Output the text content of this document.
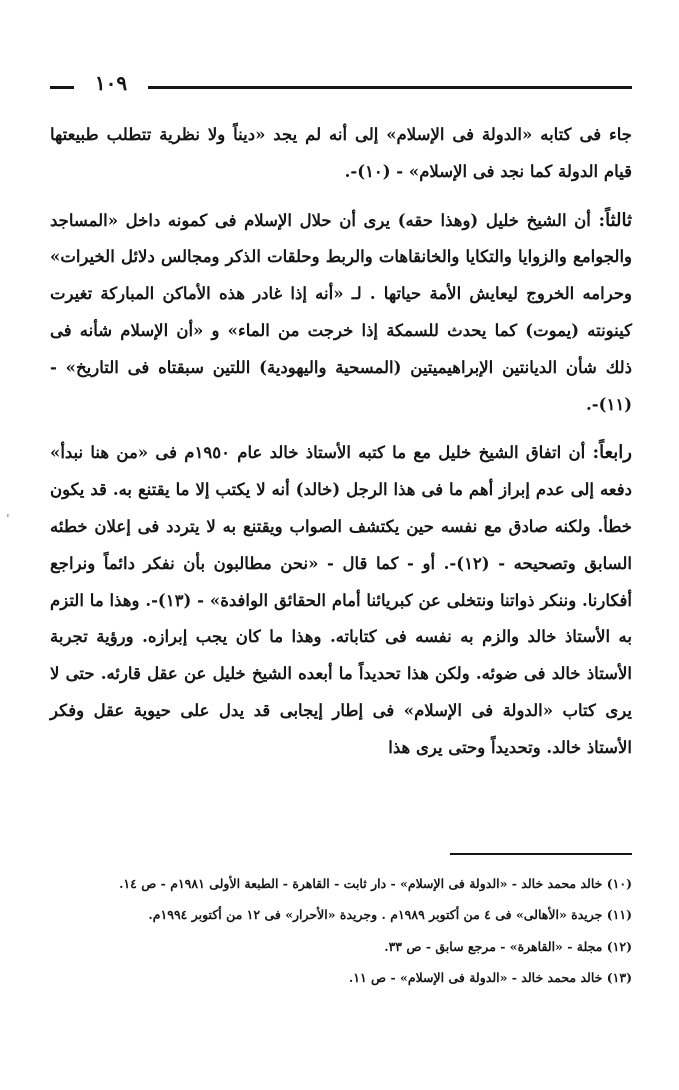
١٠٩

جاء فى كتابه «الدولة فى الإسلام» إلى أنه لم يجد «ديناً ولا نظرية تتطلب طبيعتها قيام الدولة كما نجد فى الإسلام» - (١٠)-.

ثالثاً: أن الشيخ خليل (وهذا حقه) يرى أن حلال الإسلام فى كمونه داخل «المساجد والجوامع والزوايا والتكايا والخانقاهات والربط وحلقات الذكر ومجالس دلائل الخيرات» وحرامه الخروج ليعايش الأمة حياتها . لـ «أنه إذا غادر هذه الأماكن المباركة تغيرت كينونته (يموت) كما يحدث للسمكة إذا خرجت من الماء» و «أن الإسلام شأنه فى ذلك شأن الديانتين الإبراهيميتين (المسحية واليهودية) اللتين سبقتاه فى التاريخ» - (١١)-.

رابعاً: أن اتفاق الشيخ خليل مع ما كتبه الأستاذ خالد عام ١٩٥٠م فى «من هنا نبدأ» دفعه إلى عدم إبراز أهم ما فى هذا الرجل (خالد) أنه لا يكتب إلا ما يقتنع به. قد يكون خطأ. ولكنه صادق مع نفسه حين يكتشف الصواب ويقتنع به لا يتردد فى إعلان خطئه السابق وتصحيحه - (١٢)-. أو - كما قال - «نحن مطالبون بأن نفكر دائماً ونراجع أفكارنا. وننكر ذواتنا ونتخلى عن كبريائنا أمام الحقائق الوافدة» - (١٣)-. وهذا ما التزم به الأستاذ خالد والزم به نفسه فى كتاباته. وهذا ما كان يجب إبرازه. ورؤية تجربة الأستاذ خالد فى ضوئه. ولكن هذا تحديداً ما أبعده الشيخ خليل عن عقل قارئه. حتى لا يرى كتاب «الدولة فى الإسلام» فى إطار إيجابى قد يدل على حيوية عقل وفكر الأستاذ خالد. وتحديداً وحتى يرى هذا

(١٠) خالد محمد خالد - «الدولة فى الإسلام» - دار ثابت - القاهرة - الطبعة الأولى ١٩٨١م - ص ١٤.
(١١) جريدة «الأهالى» فى ٤ من أكتوبر ١٩٨٩م . وجريدة «الأحرار» فى ١٢ من أكتوبر ١٩٩٤م.
(١٢) مجلة - «القاهرة» - مرجع سابق - ص ٣٣.
(١٣) خالد محمد خالد - «الدولة فى الإسلام» - ص ١١.
